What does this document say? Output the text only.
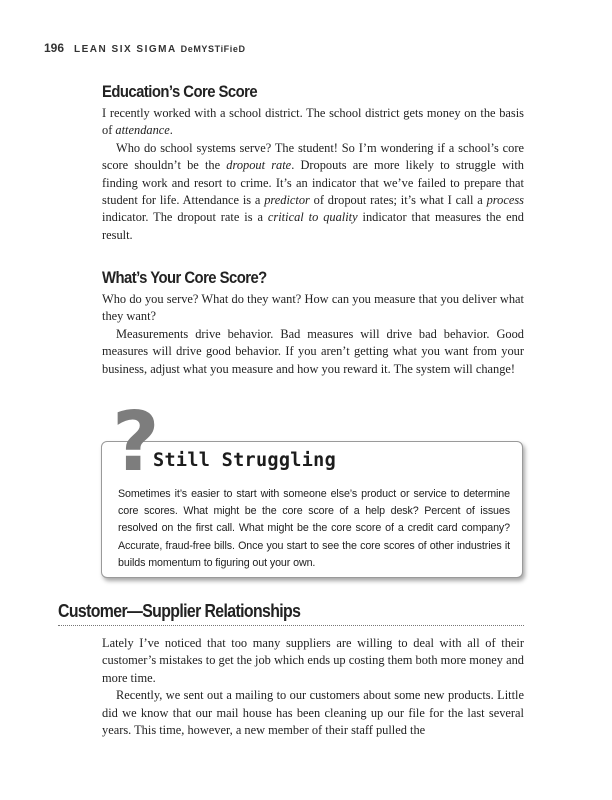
196 LEAN SIX SIGMA DeMYSTiFieD
Education’s Core Score

I recently worked with a school district. The school district gets money on the basis of attendance.

Who do school systems serve? The student! So I’m wondering if a school’s core score shouldn’t be the dropout rate. Dropouts are more likely to struggle with finding work and resort to crime. It’s an indicator that we’ve failed to prepare that student for life. Attendance is a predictor of dropout rates; it’s what I call a process indicator. The dropout rate is a critical to quality indicator that measures the end result.

What’s Your Core Score?

Who do you serve? What do they want? How can you measure that you deliver what they want?

Measurements drive behavior. Bad measures will drive bad behavior. Good measures will drive good behavior. If you aren’t getting what you want from your business, adjust what you measure and how you reward it. The system will change!

?
Still Struggling

Sometimes it’s easier to start with someone else’s product or service to determine core scores. What might be the core score of a help desk? Percent of issues resolved on the first call. What might be the core score of a credit card company? Accurate, fraud-free bills. Once you start to see the core scores of other industries it builds momentum to figuring out your own.

Customer—Supplier Relationships

Lately I’ve noticed that too many suppliers are willing to deal with all of their customer’s mistakes to get the job which ends up costing them both more money and more time.

Recently, we sent out a mailing to our customers about some new products. Little did we know that our mail house has been cleaning up our file for the last several years. This time, however, a new member of their staff pulled the
